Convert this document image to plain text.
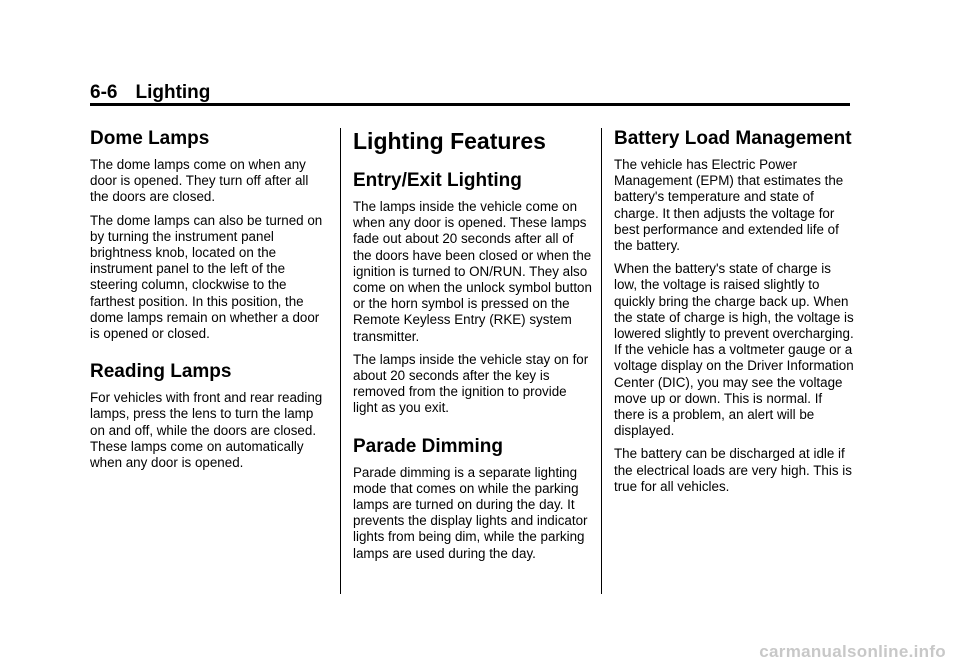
6-6 Lighting
Dome Lamps

The dome lamps come on when any door is opened. They turn off after all the doors are closed.

The dome lamps can also be turned on by turning the instrument panel brightness knob, located on the instrument panel to the left of the steering column, clockwise to the farthest position. In this position, the dome lamps remain on whether a door is opened or closed.

Reading Lamps

For vehicles with front and rear reading lamps, press the lens to turn the lamp on and off, while the doors are closed. These lamps come on automatically when any door is opened.

Lighting Features
Entry/Exit Lighting

The lamps inside the vehicle come on when any door is opened. These lamps fade out about 20 seconds after all of the doors have been closed or when the ignition is turned to ON/RUN. They also come on when the unlock symbol button or the horn symbol is pressed on the Remote Keyless Entry (RKE) system transmitter.

The lamps inside the vehicle stay on for about 20 seconds after the key is removed from the ignition to provide light as you exit.

Parade Dimming

Parade dimming is a separate lighting mode that comes on while the parking lamps are turned on during the day. It prevents the display lights and indicator lights from being dim, while the parking lamps are used during the day.

Battery Load Management

The vehicle has Electric Power Management (EPM) that estimates the battery's temperature and state of charge. It then adjusts the voltage for best performance and extended life of the battery.

When the battery's state of charge is low, the voltage is raised slightly to quickly bring the charge back up. When the state of charge is high, the voltage is lowered slightly to prevent overcharging. If the vehicle has a voltmeter gauge or a voltage display on the Driver Information Center (DIC), you may see the voltage move up or down. This is normal. If there is a problem, an alert will be displayed.

The battery can be discharged at idle if the electrical loads are very high. This is true for all vehicles.

carmanualsonline.info
